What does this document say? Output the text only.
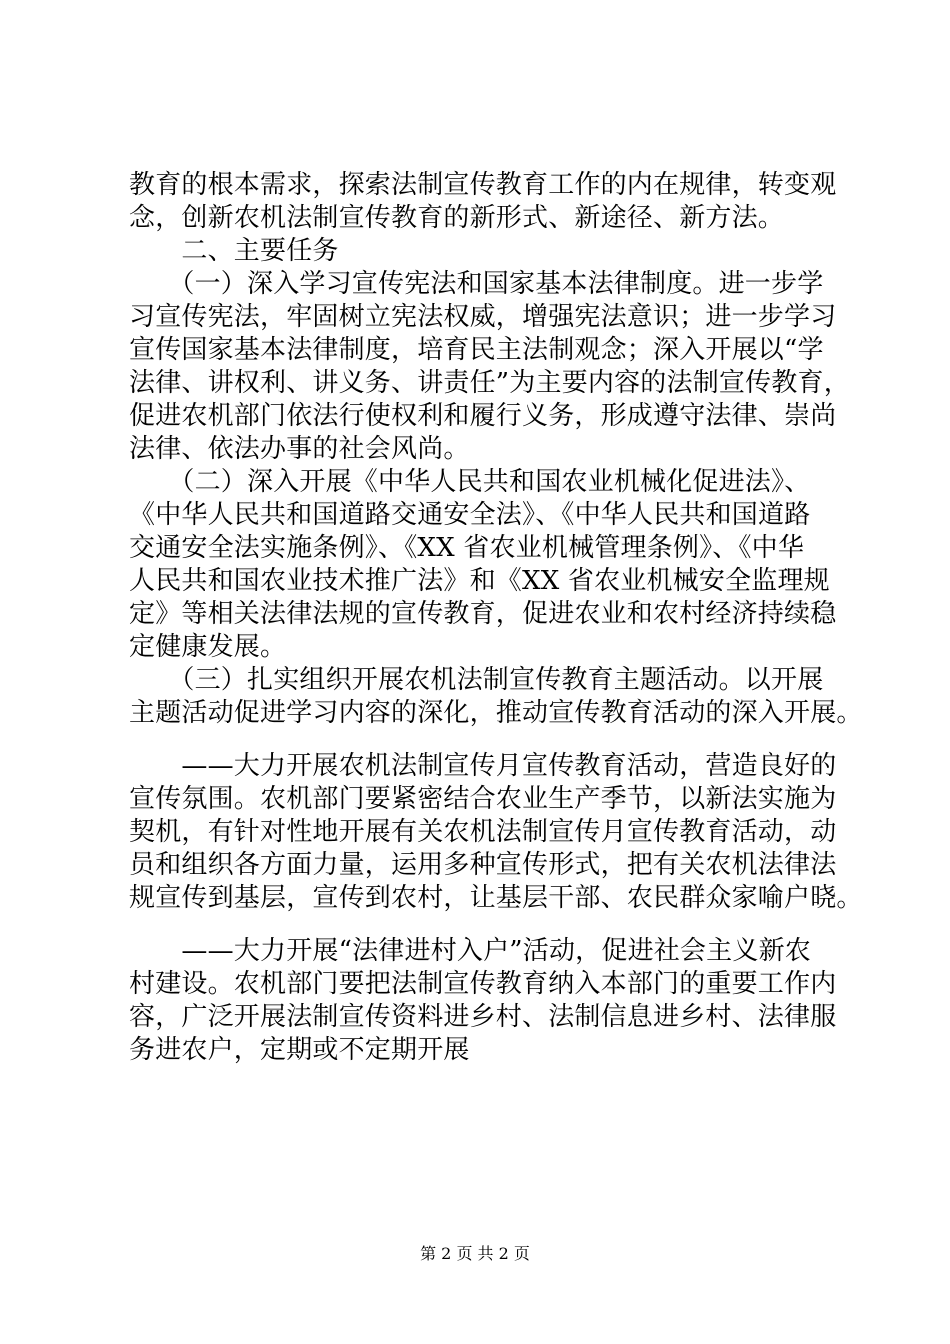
教育的根本需求，探索法制宣传教育工作的内在规律，转变观
念，创新农机法制宣传教育的新形式、新途径、新方法。
　　二、主要任务
　　（一）深入学习宣传宪法和国家基本法律制度。进一步学
习宣传宪法，牢固树立宪法权威，增强宪法意识；进一步学习
宣传国家基本法律制度，培育民主法制观念；深入开展以“学
法律、讲权利、讲义务、讲责任”为主要内容的法制宣传教育，
促进农机部门依法行使权利和履行义务，形成遵守法律、崇尚
法律、依法办事的社会风尚。
　　（二）深入开展《中华人民共和国农业机械化促进法》、
《中华人民共和国道路交通安全法》、《中华人民共和国道路
交通安全法实施条例》、《XX 省农业机械管理条例》、《中华
人民共和国农业技术推广法》和《XX 省农业机械安全监理规
定》等相关法律法规的宣传教育，促进农业和农村经济持续稳
定健康发展。
　　（三）扎实组织开展农机法制宣传教育主题活动。以开展
主题活动促进学习内容的深化，推动宣传教育活动的深入开展。
　　——大力开展农机法制宣传月宣传教育活动，营造良好的
宣传氛围。农机部门要紧密结合农业生产季节，以新法实施为
契机，有针对性地开展有关农机法制宣传月宣传教育活动，动
员和组织各方面力量，运用多种宣传形式，把有关农机法律法
规宣传到基层，宣传到农村，让基层干部、农民群众家喻户晓。
　　——大力开展“法律进村入户”活动，促进社会主义新农
村建设。农机部门要把法制宣传教育纳入本部门的重要工作内
容，广泛开展法制宣传资料进乡村、法制信息进乡村、法律服
务进农户，定期或不定期开展
第 2 页 共 2 页
